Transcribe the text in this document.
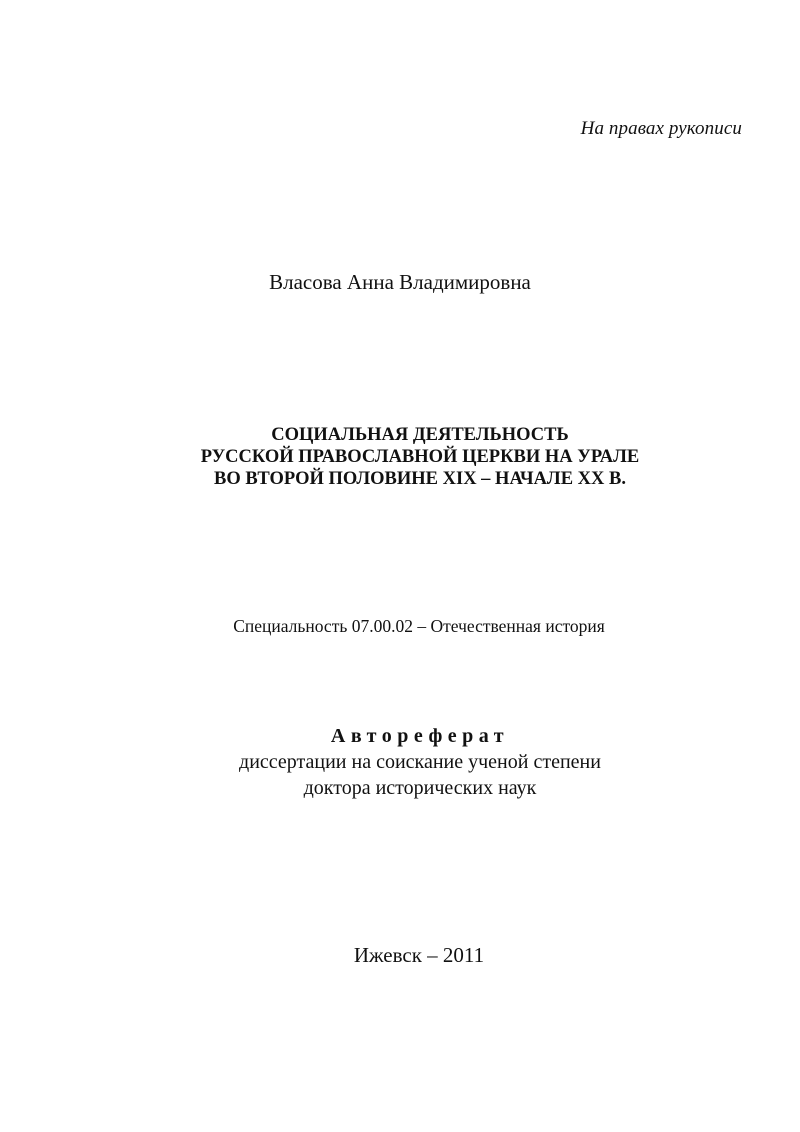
На правах рукописи
Власова Анна Владимировна
СОЦИАЛЬНАЯ ДЕЯТЕЛЬНОСТЬ
РУССКОЙ ПРАВОСЛАВНОЙ ЦЕРКВИ НА УРАЛЕ
ВО ВТОРОЙ ПОЛОВИНЕ XIX – НАЧАЛЕ XX В.
Специальность 07.00.02 – Отечественная история
Автореферат
диссертации на соискание ученой степени
доктора исторических наук
Ижевск – 2011
